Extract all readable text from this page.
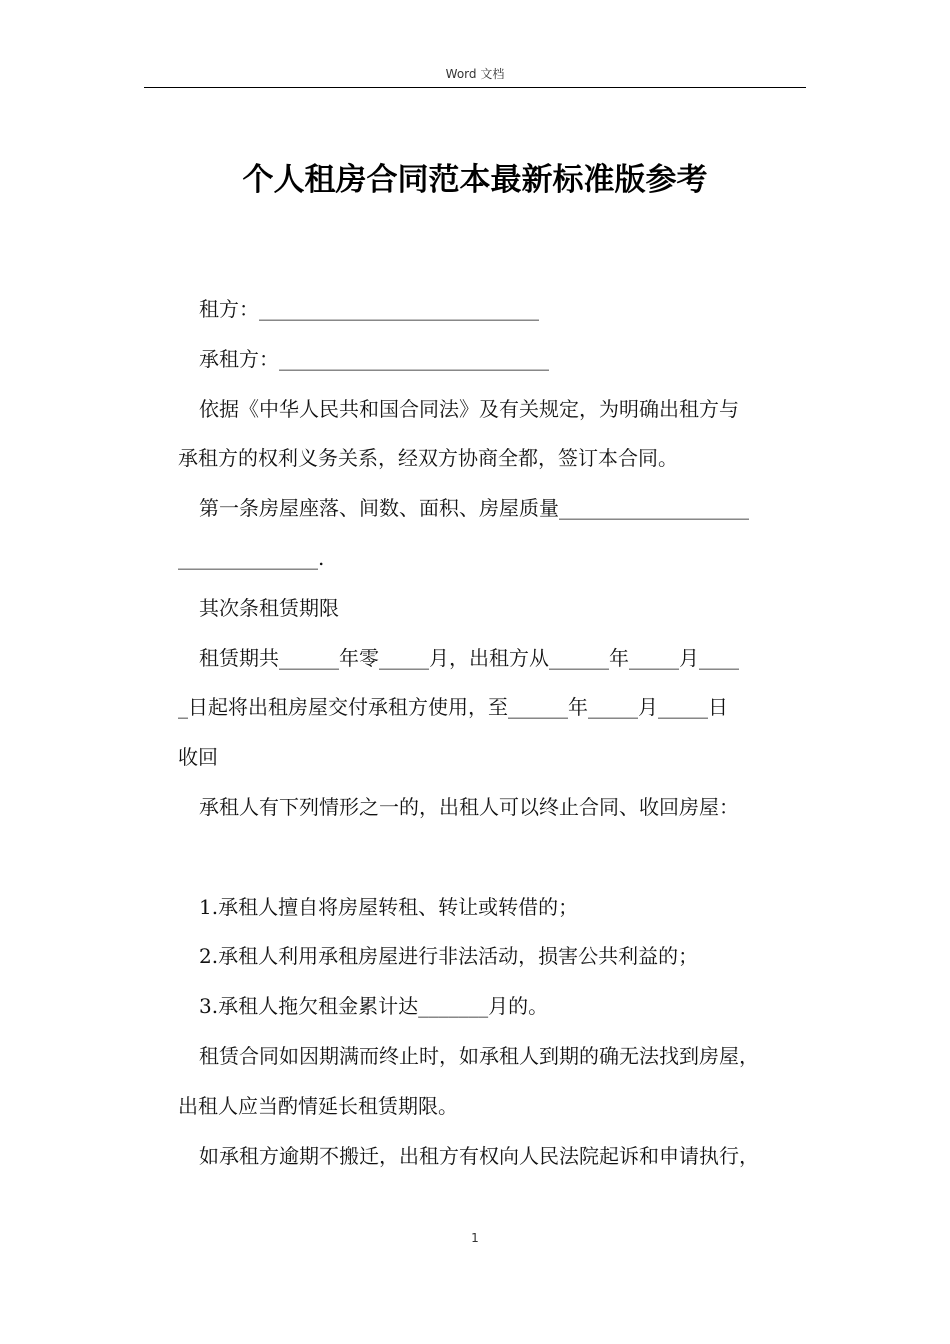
Word 文档
个人租房合同范本最新标准版参考
租方：____________________________
承租方：___________________________
依据《中华人民共和国合同法》及有关规定，为明确出租方与
承租方的权利义务关系，经双方协商全都，签订本合同。
第一条房屋座落、间数、面积、房屋质量___________________
______________.
其次条租赁期限
租赁期共______年零_____月，出租方从______年_____月____
_日起将出租房屋交付承租方使用，至______年_____月_____日
收回
承租人有下列情形之一的，出租人可以终止合同、收回房屋：
1.承租人擅自将房屋转租、转让或转借的；
2.承租人利用承租房屋进行非法活动，损害公共利益的；
3.承租人拖欠租金累计达_______月的。
租赁合同如因期满而终止时，如承租人到期的确无法找到房屋，
出租人应当酌情延长租赁期限。
如承租方逾期不搬迁，出租方有权向人民法院起诉和申请执行，
1
